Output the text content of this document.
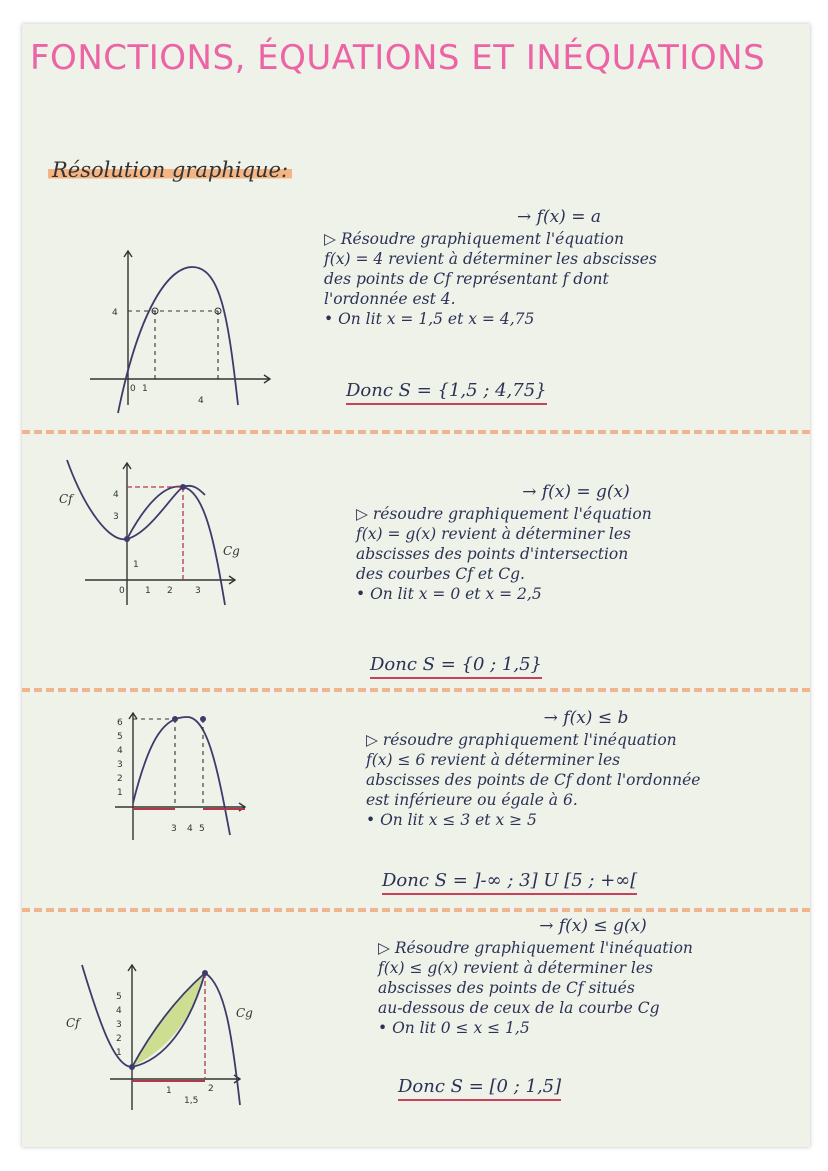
FONCTIONS, ÉQUATIONS ET INÉQUATIONS
Résolution graphique:
0 1
4
4
→ f(x) = a
▷ Résoudre graphiquement l'équation
f(x) = 4 revient à déterminer les abscisses
des points de Cf représentant f dont
l'ordonnée est 4.
• On lit x = 1,5 et x = 4,75
Donc S = {1,5 ; 4,75}
0 1 2 3
4
3
1
Cf
Cg
→ f(x) = g(x)
▷ résoudre graphiquement l'équation
f(x) = g(x) revient à déterminer les
abscisses des points d'intersection
des courbes Cf et Cg.
• On lit x = 0 et x = 2,5
Donc S = {0 ; 1,5}
3 4 5
6
5
4
3
2
1
→ f(x) ≤ b
▷ résoudre graphiquement l'inéquation
f(x) ≤ 6 revient à déterminer les
abscisses des points de Cf dont l'ordonnée
est inférieure ou égale à 6.
• On lit x ≤ 3 et x ≥ 5
Donc S = ]-∞ ; 3] U [5 ; +∞[
1
1,5
2
5
4
3
2
1
Cf
Cg
→ f(x) ≤ g(x)
▷ Résoudre graphiquement l'inéquation
f(x) ≤ g(x) revient à déterminer les
abscisses des points de Cf situés
au-dessous de ceux de la courbe Cg
• On lit 0 ≤ x ≤ 1,5
Donc S = [0 ; 1,5]
